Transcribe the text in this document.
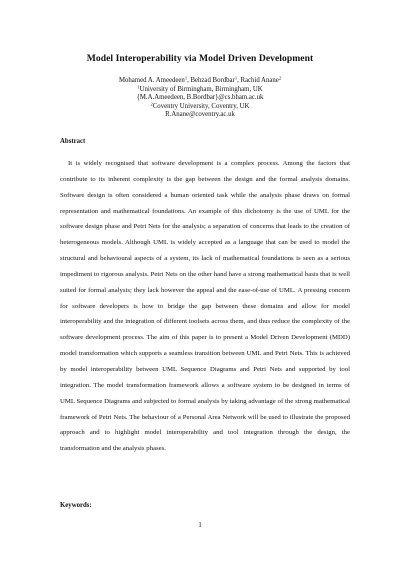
Model Interoperability via Model Driven Development
Mohamed A. Ameedeen$^1$, Behzad Bordbar$^1$, Rachid Anane$^2$
$^1$University of Birmingham, Birmingham, UK
{M.A.Ameedeen, B.Bordbar}@cs.bham.ac.uk
$^2$Coventry University, Coventry, UK
R.Anane@coventry.ac.uk
Abstract

It is widely recognised that software development is a complex process. Among the factors that contribute to its inherent complexity is the gap between the design and the formal analysis domains. Software design is often considered a human oriented task while the analysis phase draws on formal representation and mathematical foundations. An example of this dichotomy is the use of UML for the software design phase and Petri Nets for the analysis; a separation of concerns that leads to the creation of heterogeneous models. Although UML is widely accepted as a language that can be used to model the structural and behavioural aspects of a system, its lack of mathematical foundations is seen as a serious impediment to rigorous analysis. Petri Nets on the other hand have a strong mathematical basis that is well suited for formal analysis; they lack however the appeal and the ease-of-use of UML. A pressing concern for software developers is how to bridge the gap between these domains and allow for model interoperability and the integration of different toolsets across them, and thus reduce the complexity of the software development process. The aim of this paper is to present a Model Driven Development (MDD) model transformation which supports a seamless transition between UML and Petri Nets. This is achieved by model interoperability between UML Sequence Diagrams and Petri Nets and supported by tool integration. The model transformation framework allows a software system to be designed in terms of UML Sequence Diagrams and subjected to formal analysis by taking advantage of the strong mathematical framework of Petri Nets. The behaviour of a Personal Area Network will be used to illustrate the proposed approach and to highlight model interoperability and tool integration through the design, the transformation and the analysis phases.

Keywords:
1
